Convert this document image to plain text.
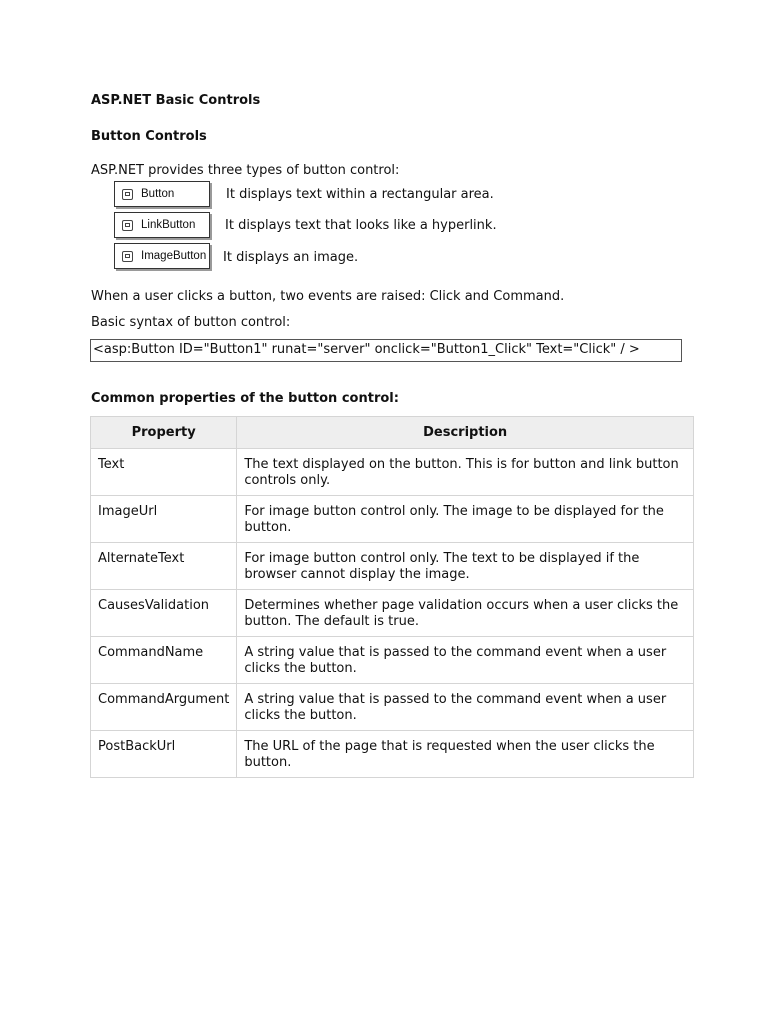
ASP.NET Basic Controls
Button Controls
ASP.NET provides three types of button control:
Button	It displays text within a rectangular area.
LinkButton It displays text that looks like a hyperlink.
ImageButton It displays an image.
When a user clicks a button, two events are raised: Click and Command.
Basic syntax of button control:
<asp:Button ID="Button1" runat="server" onclick="Button1_Click" Text="Click" / >
Common properties of the button control:
Property	Description
Text	The text displayed on the button. This is for button and link button controls only.
ImageUrl	For image button control only. The image to be displayed for the button.
AlternateText	For image button control only. The text to be displayed if the browser cannot display the image.
CausesValidation	Determines whether page validation occurs when a user clicks the button. The default is true.
CommandName	A string value that is passed to the command event when a user clicks the button.
CommandArgument	A string value that is passed to the command event when a user clicks the button.
PostBackUrl	The URL of the page that is requested when the user clicks the button.
